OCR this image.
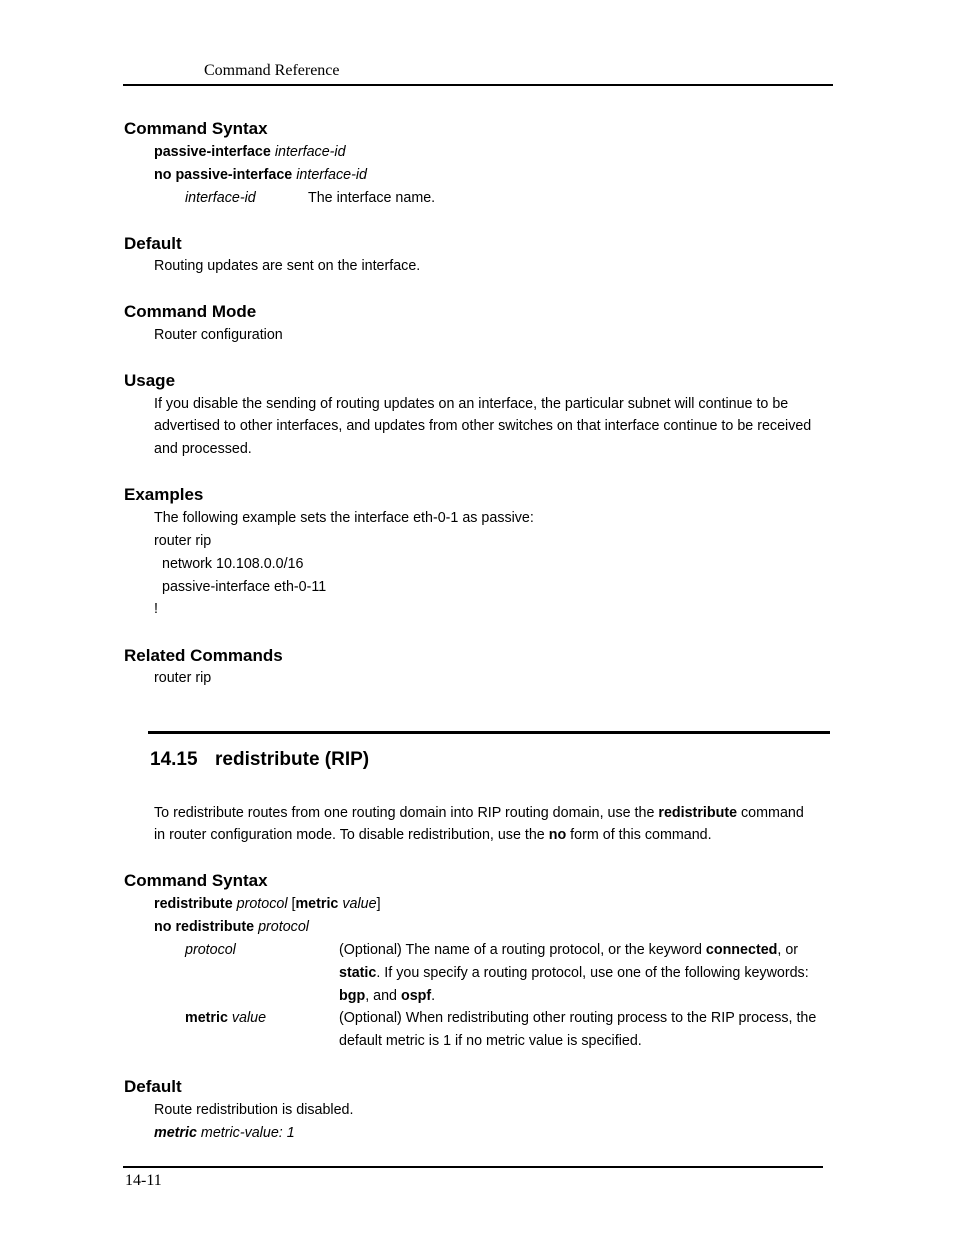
Command Reference
Command Syntax
passive-interface interface-id
no passive-interface interface-id
interface-id	The interface name.
Default
Routing updates are sent on the interface.
Command Mode
Router configuration
Usage
If you disable the sending of routing updates on an interface, the particular subnet will continue to be
advertised to other interfaces, and updates from other switches on that interface continue to be received
and processed.
Examples
The following example sets the interface eth-0-1 as passive:
router rip
network 10.108.0.0/16
passive-interface eth-0-11
!
Related Commands
router rip
14.15 redistribute (RIP)
To redistribute routes from one routing domain into RIP routing domain, use the redistribute command
in router configuration mode. To disable redistribution, use the no form of this command.
Command Syntax
redistribute protocol [metric value]
no redistribute protocol
protocol	(Optional) The name of a routing protocol, or the keyword connected, or
static. If you specify a routing protocol, use one of the following keywords:
bgp, and ospf.
metric value	(Optional) When redistributing other routing process to the RIP process, the
default metric is 1 if no metric value is specified.
Default
Route redistribution is disabled.
metric metric-value: 1
14-11
